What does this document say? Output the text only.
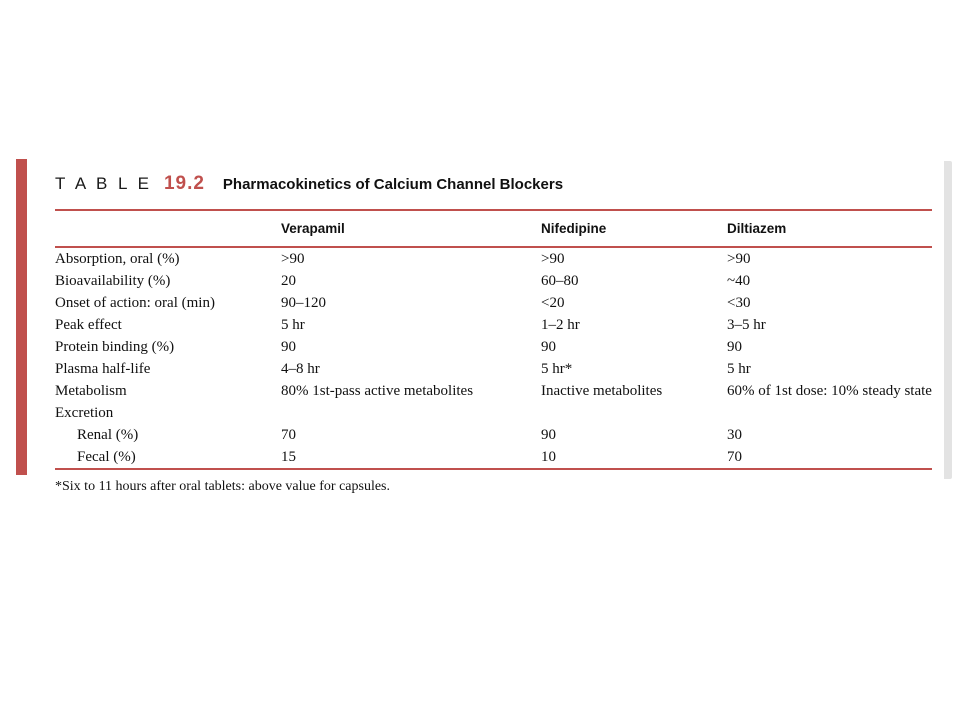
T A B L E 19.2 Pharmacokinetics of Calcium Channel Blockers
	Verapamil	Nifedipine	Diltiazem
Absorption, oral (%)	>90	>90	>90
Bioavailability (%)	20	60–80	~40
Onset of action: oral (min)	90–120	<20	<30
Peak effect	5 hr	1–2 hr	3–5 hr
Protein binding (%)	90	90	90
Plasma half-life	4–8 hr	5 hr*	5 hr
Metabolism	80% 1st-pass active metabolites	Inactive metabolites	60% of 1st dose: 10% steady state
Excretion			
Renal (%)	70	90	30
Fecal (%)	15	10	70
*Six to 11 hours after oral tablets: above value for capsules.
